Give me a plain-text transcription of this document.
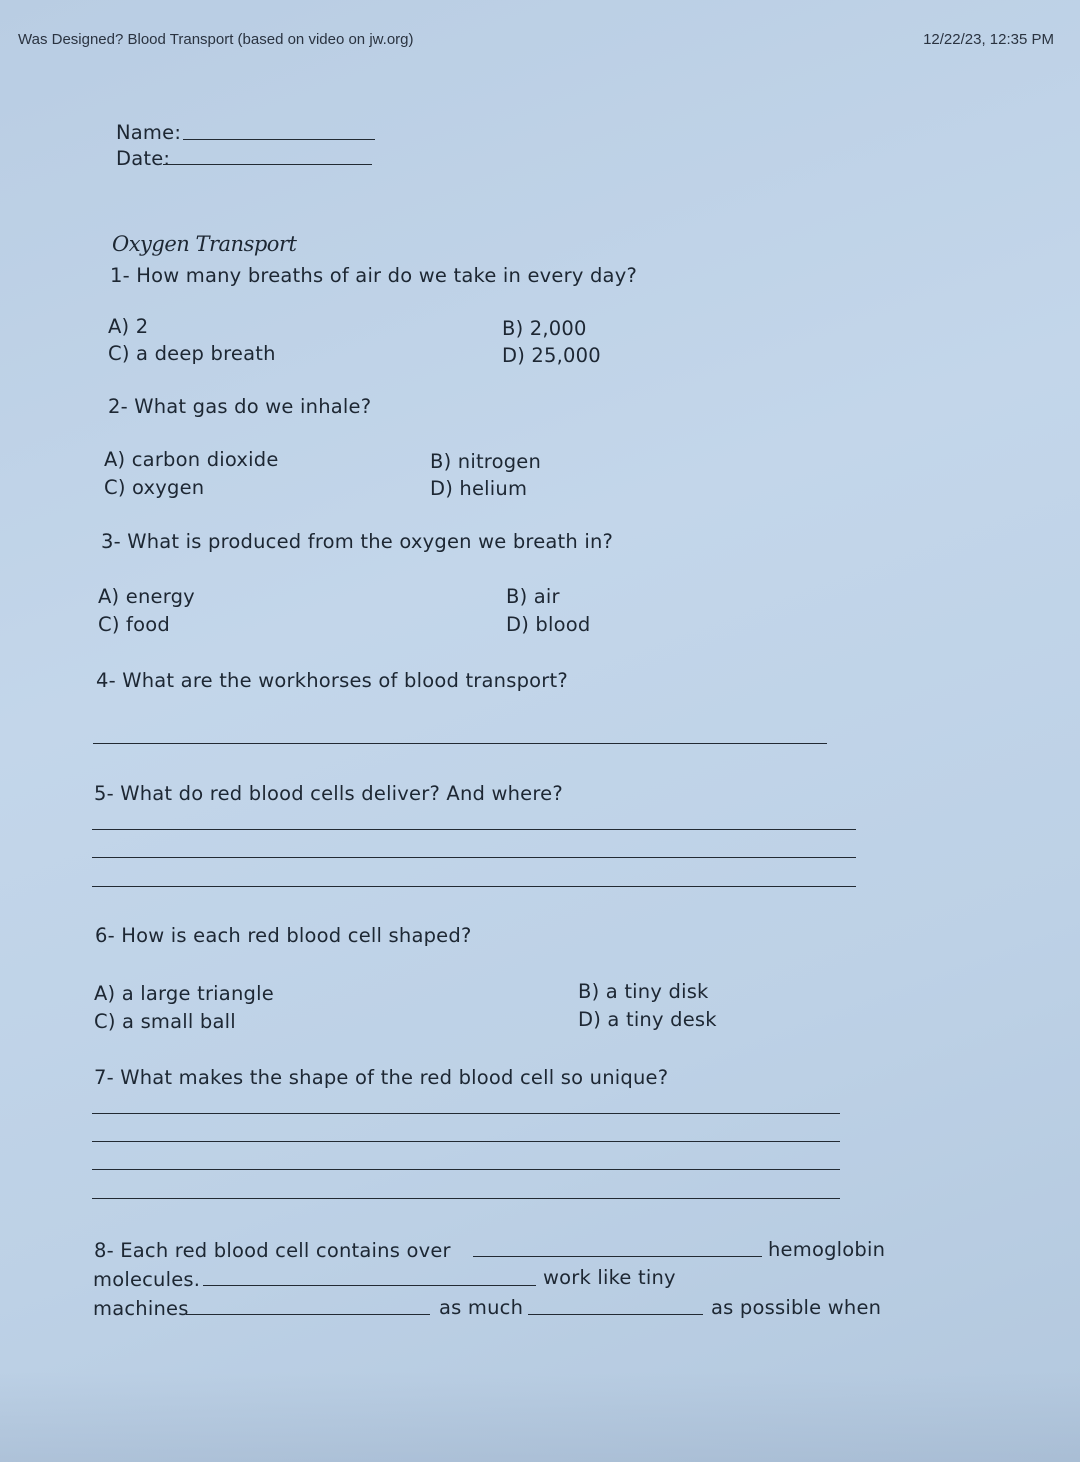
Was Designed? Blood Transport (based on video on jw.org)	12/22/23, 12:35 PM
Name:
Date:
Oxygen Transport
1- How many breaths of air do we take in every day?
A) 2	B) 2,000
C) a deep breath	D) 25,000
2- What gas do we inhale?
A) carbon dioxide	B) nitrogen
C) oxygen	D) helium
3- What is produced from the oxygen we breath in?
A) energy	B) air
C) food	D) blood
4- What are the workhorses of blood transport?
5- What do red blood cells deliver? And where?
6- How is each red blood cell shaped?
A) a large triangle	B) a tiny disk
C) a small ball	D) a tiny desk
7- What makes the shape of the red blood cell so unique?
8- Each red blood cell contains over	hemoglobin
molecules.	work like tiny
machines	as much	as possible when
